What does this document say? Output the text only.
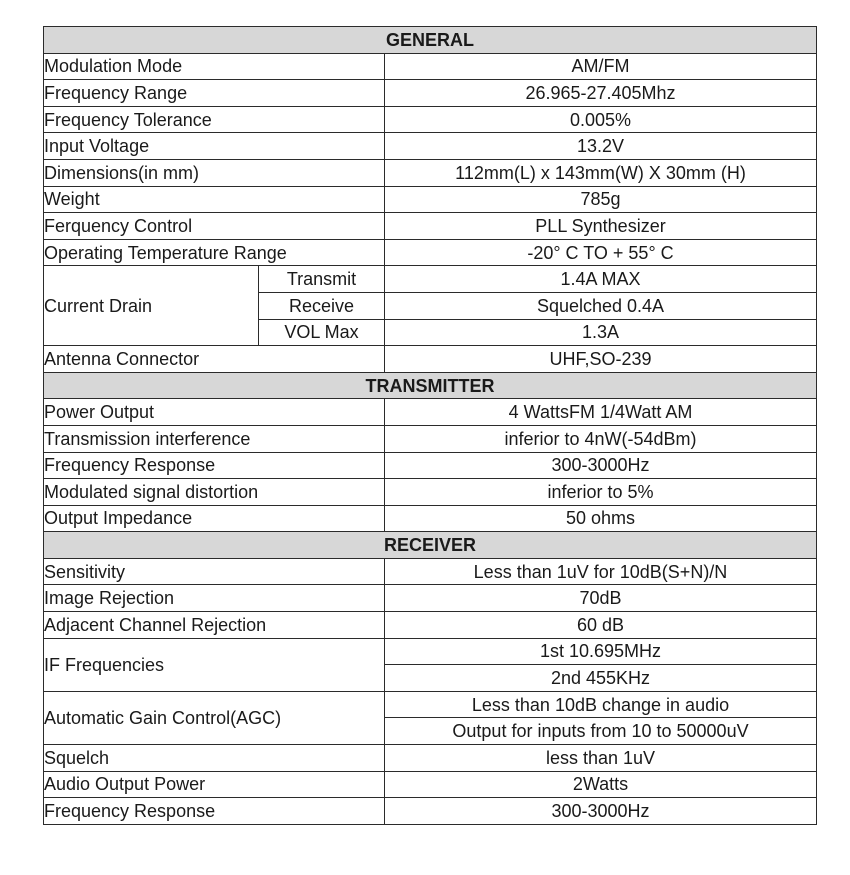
GENERAL		
Modulation Mode		AM/FM
Frequency Range		26.965-27.405Mhz
Frequency Tolerance		0.005%
Input Voltage		13.2V
Dimensions(in mm)		112mm(L) x 143mm(W) X 30mm (H)
Weight		785g
Ferquency Control		PLL Synthesizer
Operating Temperature Range		-20° C TO + 55° C
Current Drain	Transmit	1.4A MAX
	Receive	Squelched 0.4A
	VOL Max	1.3A
Antenna Connector		UHF,SO-239
TRANSMITTER		
Power Output		4 WattsFM 1/4Watt AM
Transmission interference		inferior to 4nW(-54dBm)
Frequency Response		300-3000Hz
Modulated signal distortion		inferior to 5%
Output Impedance		50 ohms
RECEIVER		
Sensitivity		Less than 1uV for 10dB(S+N)/N
Image Rejection		70dB
Adjacent Channel Rejection		60 dB
IF Frequencies		1st 10.695MHz
		2nd 455KHz
Automatic Gain Control(AGC)		Less than 10dB change in audio
		Output for inputs from 10 to 50000uV
Squelch		less than 1uV
Audio Output Power		2Watts
Frequency Response		300-3000Hz
